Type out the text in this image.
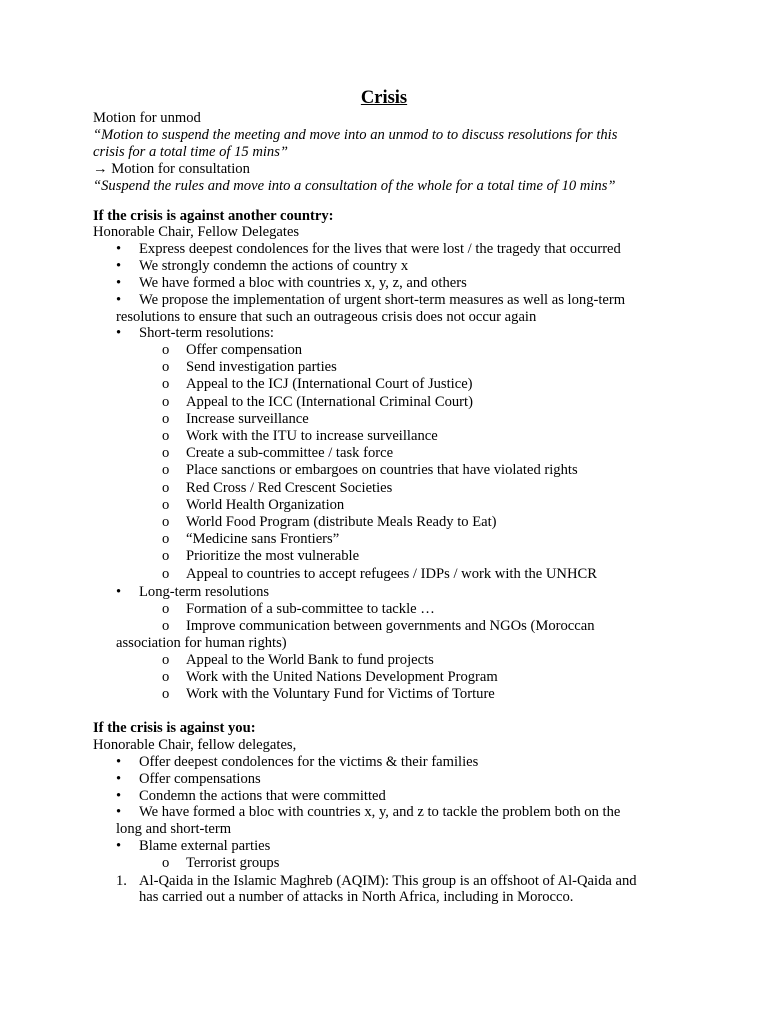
Crisis
Motion for unmod
“Motion to suspend the meeting and move into an unmod to to discuss resolutions for this
crisis for a total time of 15 mins”
→ Motion for consultation
“Suspend the rules and move into a consultation of the whole for a total time of 10 mins”
If the crisis is against another country:
Honorable Chair, Fellow Delegates
• Express deepest condolences for the lives that were lost / the tragedy that occurred
• We strongly condemn the actions of country x
• We have formed a bloc with countries x, y, z, and others
• We propose the implementation of urgent short-term measures as well as long-term
resolutions to ensure that such an outrageous crisis does not occur again
• Short-term resolutions:
o Offer compensation
o Send investigation parties
o Appeal to the ICJ (International Court of Justice)
o Appeal to the ICC (International Criminal Court)
o Increase surveillance
o Work with the ITU to increase surveillance
o Create a sub-committee / task force
o Place sanctions or embargoes on countries that have violated rights
o Red Cross / Red Crescent Societies
o World Health Organization
o World Food Program (distribute Meals Ready to Eat)
o “Medicine sans Frontiers”
o Prioritize the most vulnerable
o Appeal to countries to accept refugees / IDPs / work with the UNHCR
• Long-term resolutions
o Formation of a sub-committee to tackle …
o Improve communication between governments and NGOs (Moroccan
association for human rights)
o Appeal to the World Bank to fund projects
o Work with the United Nations Development Program
o Work with the Voluntary Fund for Victims of Torture
If the crisis is against you:
Honorable Chair, fellow delegates,
• Offer deepest condolences for the victims & their families
• Offer compensations
• Condemn the actions that were committed
• We have formed a bloc with countries x, y, and z to tackle the problem both on the
long and short-term
• Blame external parties
o Terrorist groups
1. Al-Qaida in the Islamic Maghreb (AQIM): This group is an offshoot of Al-Qaida and
has carried out a number of attacks in North Africa, including in Morocco.
